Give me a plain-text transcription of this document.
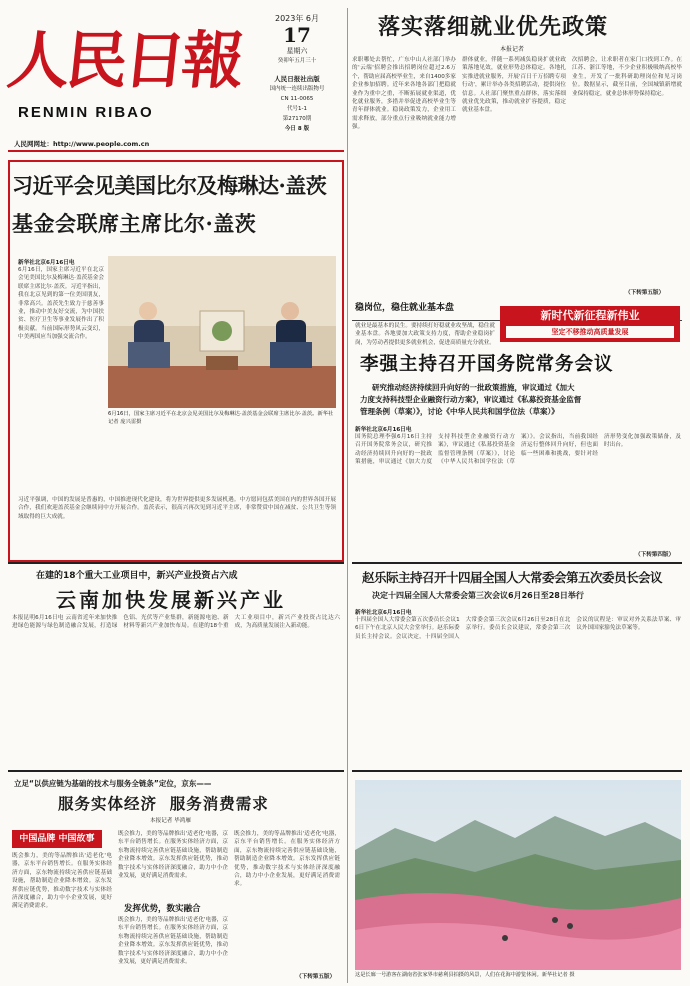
人民日報
RENMIN RIBAO
人民网网址：http://www.people.com.cn
2023年 6月
17
星期六
癸卯年五月三十
人民日报社出版
国内统一连续出版物号
CN 11-0065
代号1-1
第27170期
今日 8 版
落实落细就业优先政策
本报记者
求职哪处去帮忙，广东中山人社部门举办的'云端'招聘会推出招聘岗位超过2.6万个，帮助应届高校毕业生，来自1400多家企业参加招聘。近年来各地各部门把稳就业作为重中之重，不断拓展就业渠道，优化就业服务，多措并举促进高校毕业生等青年群体就业。稳岗政策发力，企业用工需求释放，部分重点行业吸纳就业能力增强。
群体就业，伴随一系列减负稳岗扩就业政策落地见效，就业形势总体稳定。各地扎实推进就业服务，开展'百日千万招聘专项行动'，累计举办各类招聘活动，提供岗位信息。人社部门聚焦重点群体，落实落细就业优先政策，推动就业扩容提质，稳定就业基本盘。
次招聘会，让求职者在家门口找到工作。在江苏、浙江等地，不少企业积极吸纳高校毕业生，开发了一批科研助理岗位和见习岗位。数据显示，截至目前，全国城镇新增就业保持稳定，就业总体形势保持稳定。
（下转第五版）
习近平会见美国比尔及梅琳达·盖茨
基金会联席主席比尔·盖茨
新华社北京6月16日电
6月16日，国家主席习近平在北京会见美国比尔及梅琳达·盖茨基金会联席主席比尔·盖茨。习近平指出，我在北京见到的第一位美国朋友，非常高兴。盖茨先生致力于慈善事业，推动中美友好交流，为中国扶贫、医疗卫生等事业发展作出了积极贡献。当前国际形势风云变幻，中美两国应当加强交流合作。
6月16日，国家主席习近平在北京会见美国比尔及梅琳达·盖茨基金会联席主席比尔·盖茨。新华社记者 庞兴雷摄
习近平强调，中国的发展是普惠的，中国推进现代化建设，将为世界提供更多发展机遇。中方愿同包括美国在内的世界各国开展合作，我们欢迎盖茨基金会继续同中方开展合作。盖茨表示，很高兴再次见到习近平主席，非常赞赏中国在减贫、公共卫生等领域取得的巨大成就。
稳岗位，稳住就业基本盘
就业是最基本的民生。要持续打好稳就业攻坚战，稳住就业基本盘。各地要加大政策支持力度，帮助企业稳岗扩岗，为劳动者提供更多就业机会，促进高质量充分就业。
新时代新征程新伟业
坚定不移推动高质量发展
李强主持召开国务院常务会议
研究推动经济持续回升向好的一批政策措施，审议通过《加大
力度支持科技型企业融资行动方案》，审议通过《私募投资基金监督
管理条例（草案）》，讨论《中华人民共和国学位法（草案）》
新华社北京6月16日电
国务院总理李强6月16日主持召开国务院常务会议，研究推动经济持续回升向好的一批政策措施，审议通过《加大力度支持科技型企业融资行动方案》，审议通过《私募投资基金监督管理条例（草案）》，讨论《中华人民共和国学位法（草案）》。会议指出，当前我国经济运行整体回升向好，但也面临一些困难和挑战，要针对经济形势变化加强政策储备，及时出台。
（下转第四版）
在建的18个重大工业项目中，新兴产业投资占六成
云南加快发展新兴产业
本报昆明6月16日电 云南省近年来加快推进绿色能源与绿色制造融合发展，打造绿色铝、光伏等产业集群，新能源电池、新材料等新兴产业加快布局。在建的18个重大工业项目中，新兴产业投资占比达六成，为高质量发展注入新动能。
赵乐际主持召开十四届全国人大常委会第五次委员长会议
决定十四届全国人大常委会第三次会议6月26日至28日举行
新华社北京6月16日电
十四届全国人大常委会第五次委员长会议16日下午在北京人民大会堂举行。赵乐际委员长主持会议。会议决定，十四届全国人大常委会第三次会议6月26日至28日在北京举行。委员长会议建议，常委会第三次会议的议程是：审议对外关系法草案、审议外国国家豁免法草案等。
立足“以供应链为基础的技术与服务全链条”定位，京东——
服务实体经济  服务消费需求
本报记者 毕鸿雁
中国品牌 中国故事
既会推力，美的等品牌推出'适老化'电器，京东平台销售增长。在服务实体经济方面，京东物流持续完善供应链基础设施，帮助制造企业降本增效。京东发挥供应链优势，推动数字技术与实体经济深度融合，助力中小企业发展，更好满足消费需求。	发挥优势，数实融合
既会推力，美的等品牌推出'适老化'电器，京东平台销售增长。在服务实体经济方面，京东物流持续完善供应链基础设施，帮助制造企业降本增效。京东发挥供应链优势，推动数字技术与实体经济深度融合，助力中小企业发展，更好满足消费需求。
既会推力，美的等品牌推出'适老化'电器，京东平台销售增长。在服务实体经济方面，京东物流持续完善供应链基础设施，帮助制造企业降本增效。京东发挥供应链优势，推动数字技术与实体经济深度融合，助力中小企业发展，更好满足消费需求。
既会推力，美的等品牌推出'适老化'电器，京东平台销售增长。在服务实体经济方面，京东物流持续完善供应链基础设施，帮助制造企业降本增效。京东发挥供应链优势，推动数字技术与实体经济深度融合，助力中小企业发展，更好满足消费需求。
（下转第五版）	这是长廊一号游客在湖南省张家界市慈利县拍摄的风景，人们在花海中游览休闲。新华社记者 摄
